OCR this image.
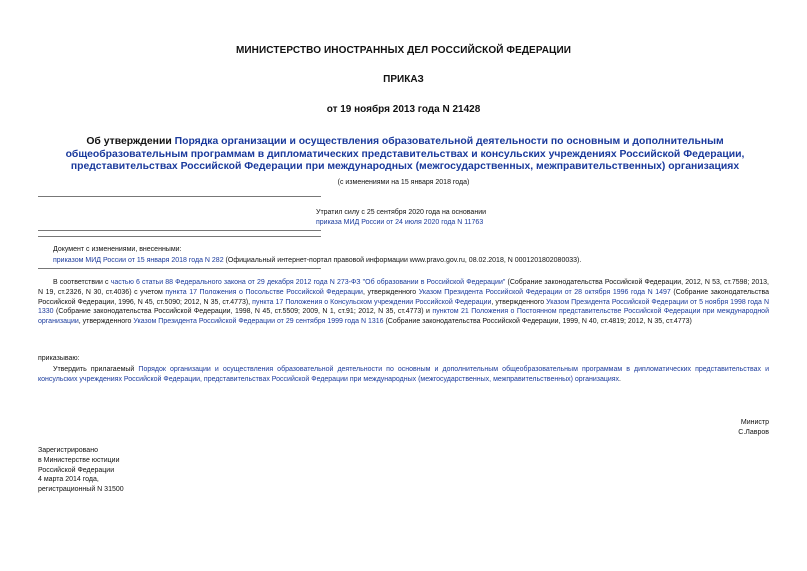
МИНИСТЕРСТВО ИНОСТРАННЫХ ДЕЛ РОССИЙСКОЙ ФЕДЕРАЦИИ
ПРИКАЗ
от 19 ноября 2013 года N 21428
Об утверждении Порядка организации и осуществления образовательной деятельности по основным и дополнительным общеобразовательным программам в дипломатических представительствах и консульских учреждениях Российской Федерации, представительствах Российской Федерации при международных (межгосударственных, межправительственных) организациях
(с изменениями на 15 января 2018 года)
Утратил силу с 25 сентября 2020 года на основании
приказа МИД России от 24 июля 2020 года N 11763
Документ с изменениями, внесенными:
приказом МИД России от 15 января 2018 года N 282 (Официальный интернет-портал правовой информации www.pravo.gov.ru, 08.02.2018, N 0001201802080033).
В соответствии с частью 6 статьи 88 Федерального закона от 29 декабря 2012 года N 273-ФЗ "Об образовании в Российской Федерации" (Собрание законодательства Российской Федерации, 2012, N 53, ст.7598; 2013, N 19, ст.2326, N 30, ст.4036) с учетом пункта 17 Положения о Посольстве Российской Федерации, утвержденного Указом Президента Российской Федерации от 28 октября 1996 года N 1497 (Собрание законодательства Российской Федерации, 1996, N 45, ст.5090; 2012, N 35, ст.4773), пункта 17 Положения о Консульском учреждении Российской Федерации, утвержденного Указом Президента Российской Федерации от 5 ноября 1998 года N 1330 (Собрание законодательства Российской Федерации, 1998, N 45, ст.5509; 2009, N 1, ст.91; 2012, N 35, ст.4773) и пунктом 21 Положения о Постоянном представительстве Российской Федерации при международной организации, утвержденного Указом Президента Российской Федерации от 29 сентября 1999 года N 1316 (Собрание законодательства Российской Федерации, 1999, N 40, ст.4819; 2012, N 35, ст.4773)
приказываю:
Утвердить прилагаемый Порядок организации и осуществления образовательной деятельности по основным и дополнительным общеобразовательным программам в дипломатических представительствах и консульских учреждениях Российской Федерации, представительствах Российской Федерации при международных (межгосударственных, межправительственных) организациях.
Министр
С.Лавров
Зарегистрировано
в Министерстве юстиции
Российской Федерации
4 марта 2014 года,
регистрационный N 31500
